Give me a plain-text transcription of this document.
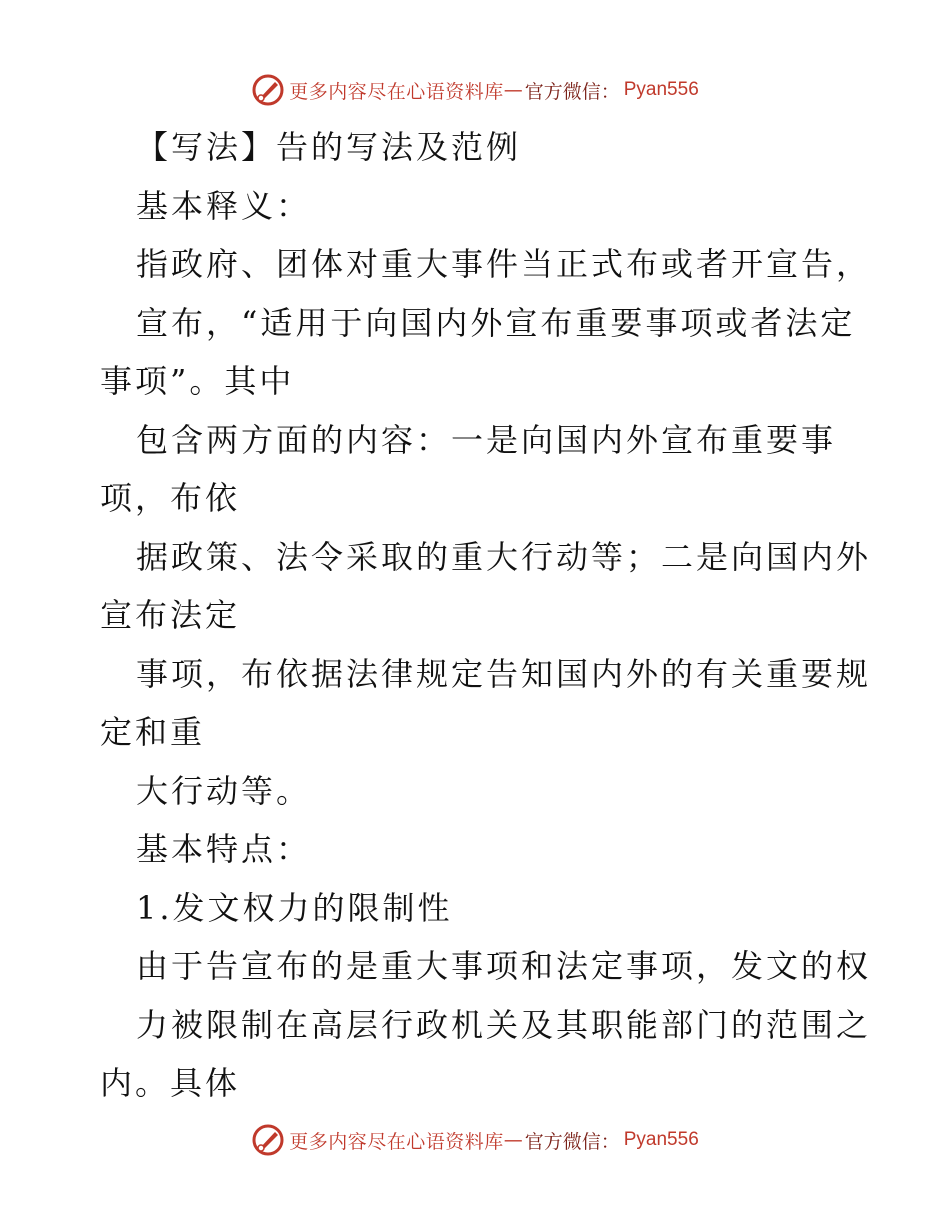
更多内容尽在心语资料库 — 官方微信： Pyan556
【写法】告的写法及范例
基本释义：
指政府、团体对重大事件当正式布或者开宣告，
宣布，“适用于向国内外宣布重要事项或者法定
事项”。其中
包含两方面的内容：一是向国内外宣布重要事
项，布依
据政策、法令采取的重大行动等；二是向国内外
宣布法定
事项，布依据法律规定告知国内外的有关重要规
定和重
大行动等。
基本特点：
1.发文权力的限制性
由于告宣布的是重大事项和法定事项，发文的权
力被限制在高层行政机关及其职能部门的范围之
内。具体
更多内容尽在心语资料库 — 官方微信： Pyan556
